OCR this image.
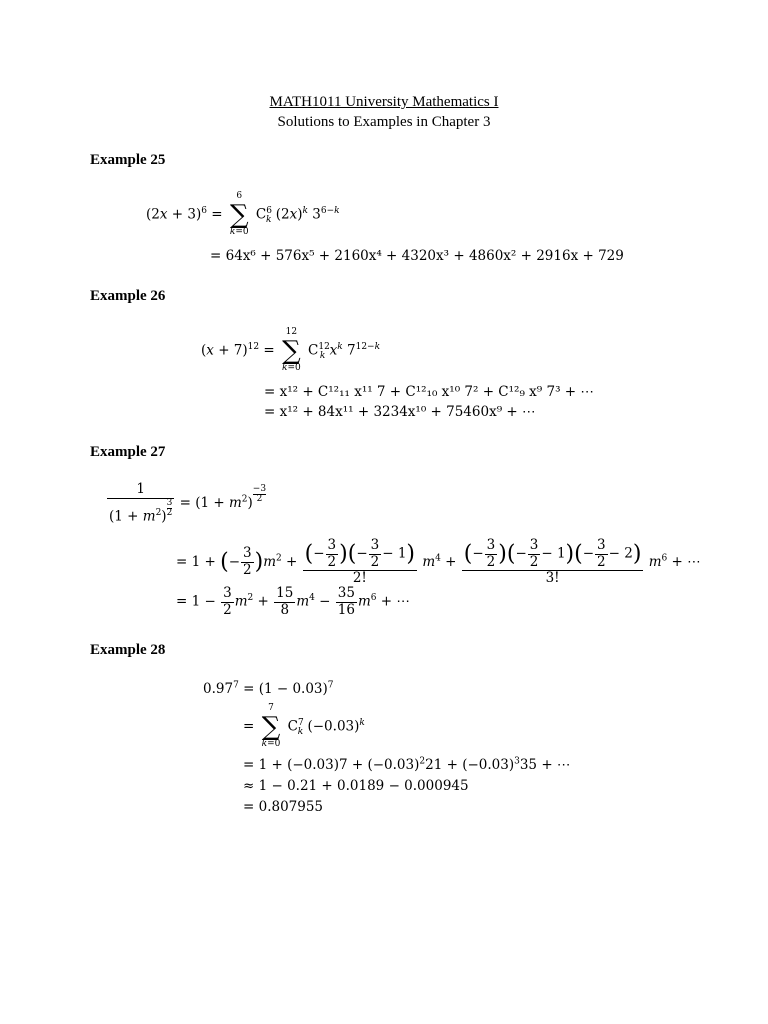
MATH1011 University Mathematics I
Solutions to Examples in Chapter 3
Example 25
$(2x + 3)^6$ =
6
∑
k=0
$C^6_k$ $(2x)^k$ $3^{6-k}$
= 64x⁶ + 576x⁵ + 2160x⁴ + 4320x³ + 4860x² + 2916x + 729
Example 26
$(x + 7)^{12}$ =
12
∑
k=0
$C^{12}_k$ $x^k$ $7^{12-k}$
= x¹² + C¹²₁₁ x¹¹ 7 + C¹²₁₀ x¹⁰ 7² + C¹²₉ x⁹ 7³ + ⋯
= x¹² + 84x¹¹ + 3234x¹⁰ + 75460x⁹ + ⋯
Example 27
$\frac{1}{(1 + m^2) \frac{3}{2}} = (1 + m^2) \frac{-3}{2}$
= 1 + (− $\frac{3}{2} )m^2 + \frac{(- \frac{3}{2} )(- \frac{3}{2} - 1)}{2!} m^4 + \frac{(- \frac{3}{2} )(- \frac{3}{2} - 1)(- \frac{3}{2} - 2)}{3!} m^6$ + ⋯
= $1 - \frac{3}{2} m^2 + \frac{15}{8} m^4 - \frac{35}{16} m^6$ + ⋯
Example 28
$0.97^7 = (1 - 0.03)^7$
=
7
∑
k=0
$C^7_k$ $(-0.03)^k$
= $1 + (-0.03)7 + (-0.03)^221 + (-0.03)^335$ + ⋯
≈ 1 − 0.21 + 0.0189 − 0.000945
= 0.807955
